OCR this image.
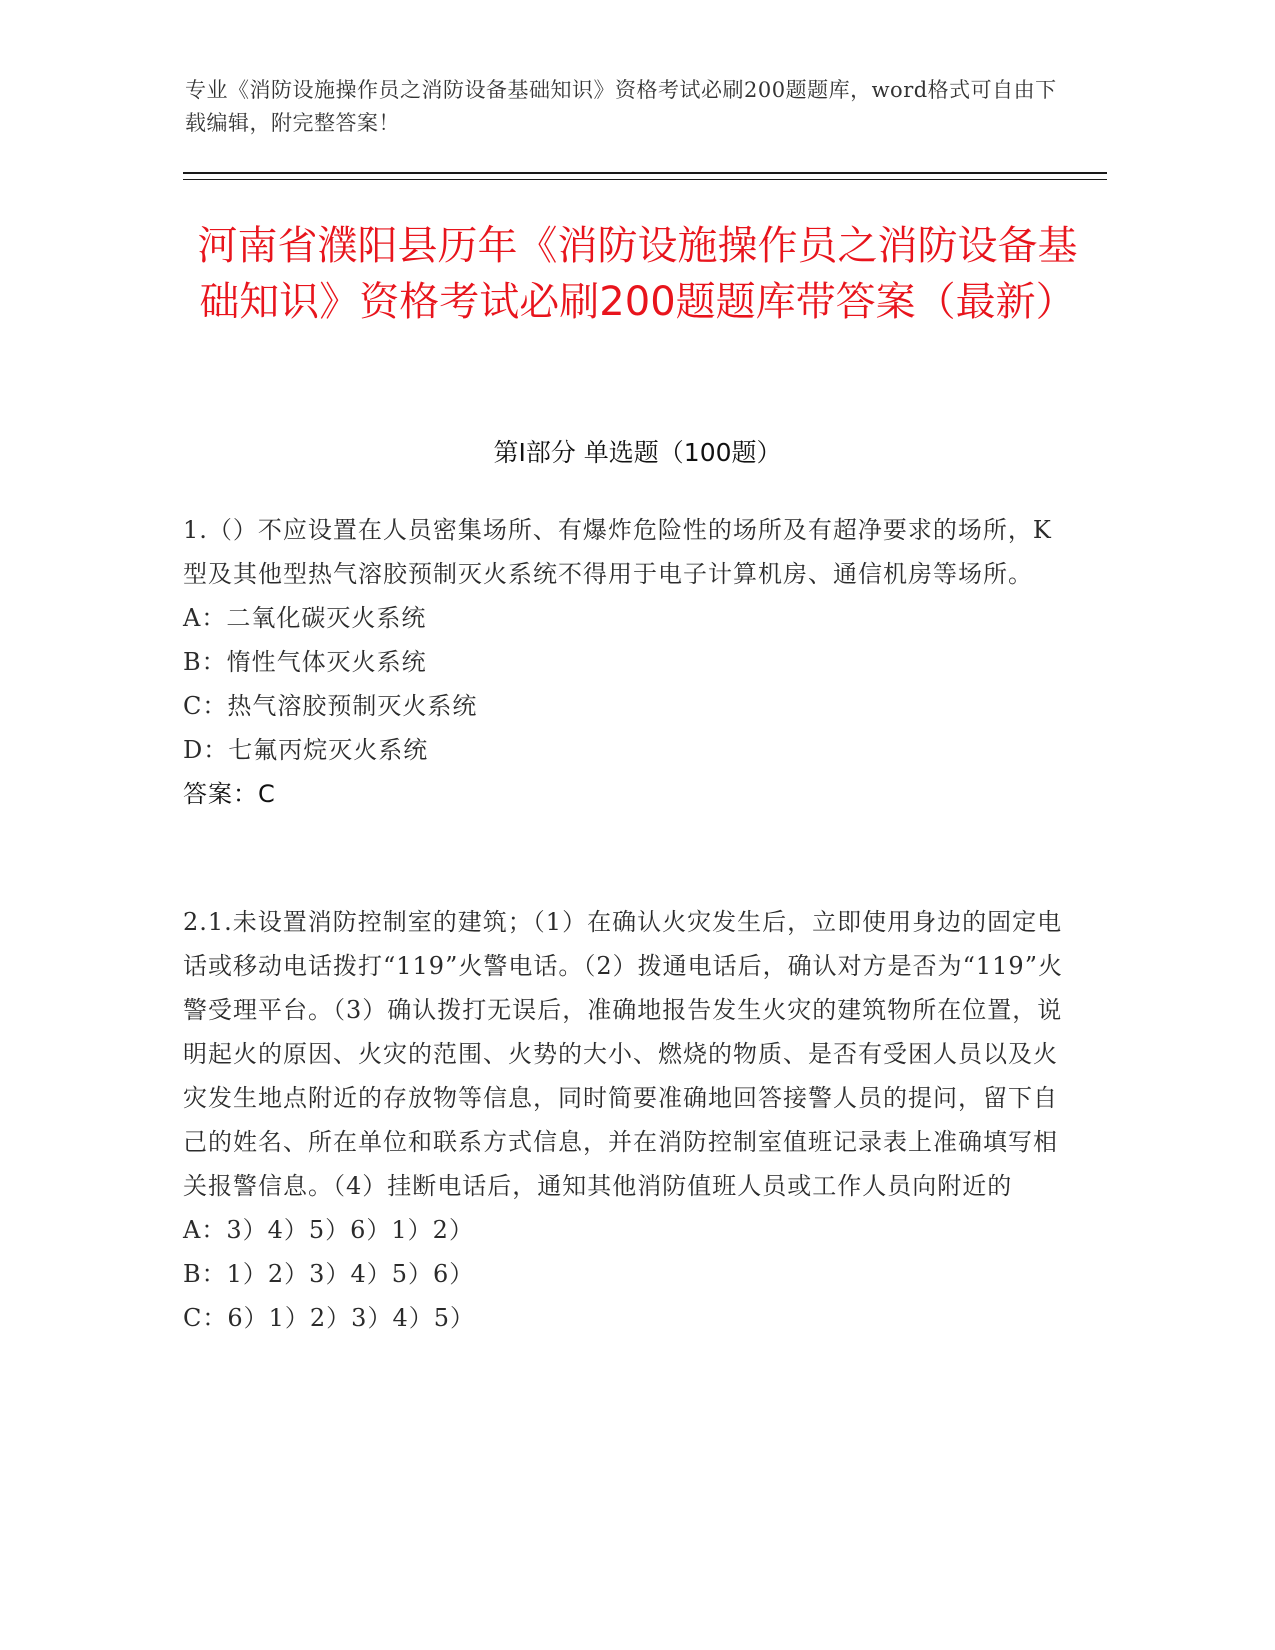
专业《消防设施操作员之消防设备基础知识》资格考试必刷200题题库，word格式可自由下载编辑，附完整答案！
河南省濮阳县历年《消防设施操作员之消防设备基础知识》资格考试必刷200题题库带答案（最新）
第Ⅰ部分 单选题（100题）

1.（）不应设置在人员密集场所、有爆炸危险性的场所及有超净要求的场所，K型及其他型热气溶胶预制灭火系统不得用于电子计算机房、通信机房等场所。

A：二氧化碳灭火系统

B：惰性气体灭火系统

C：热气溶胶预制灭火系统

D：七氟丙烷灭火系统

答案：C

2.1.未设置消防控制室的建筑；（1）在确认火灾发生后，立即使用身边的固定电话或移动电话拨打“119”火警电话。（2）拨通电话后，确认对方是否为“119”火警受理平台。（3）确认拨打无误后，准确地报告发生火灾的建筑物所在位置，说明起火的原因、火灾的范围、火势的大小、燃烧的物质、是否有受困人员以及火灾发生地点附近的存放物等信息，同时简要准确地回答接警人员的提问，留下自己的姓名、所在单位和联系方式信息，并在消防控制室值班记录表上准确填写相关报警信息。（4）挂断电话后，通知其他消防值班人员或工作人员向附近的

A：3）4）5）6）1）2）

B：1）2）3）4）5）6）

C：6）1）2）3）4）5）
